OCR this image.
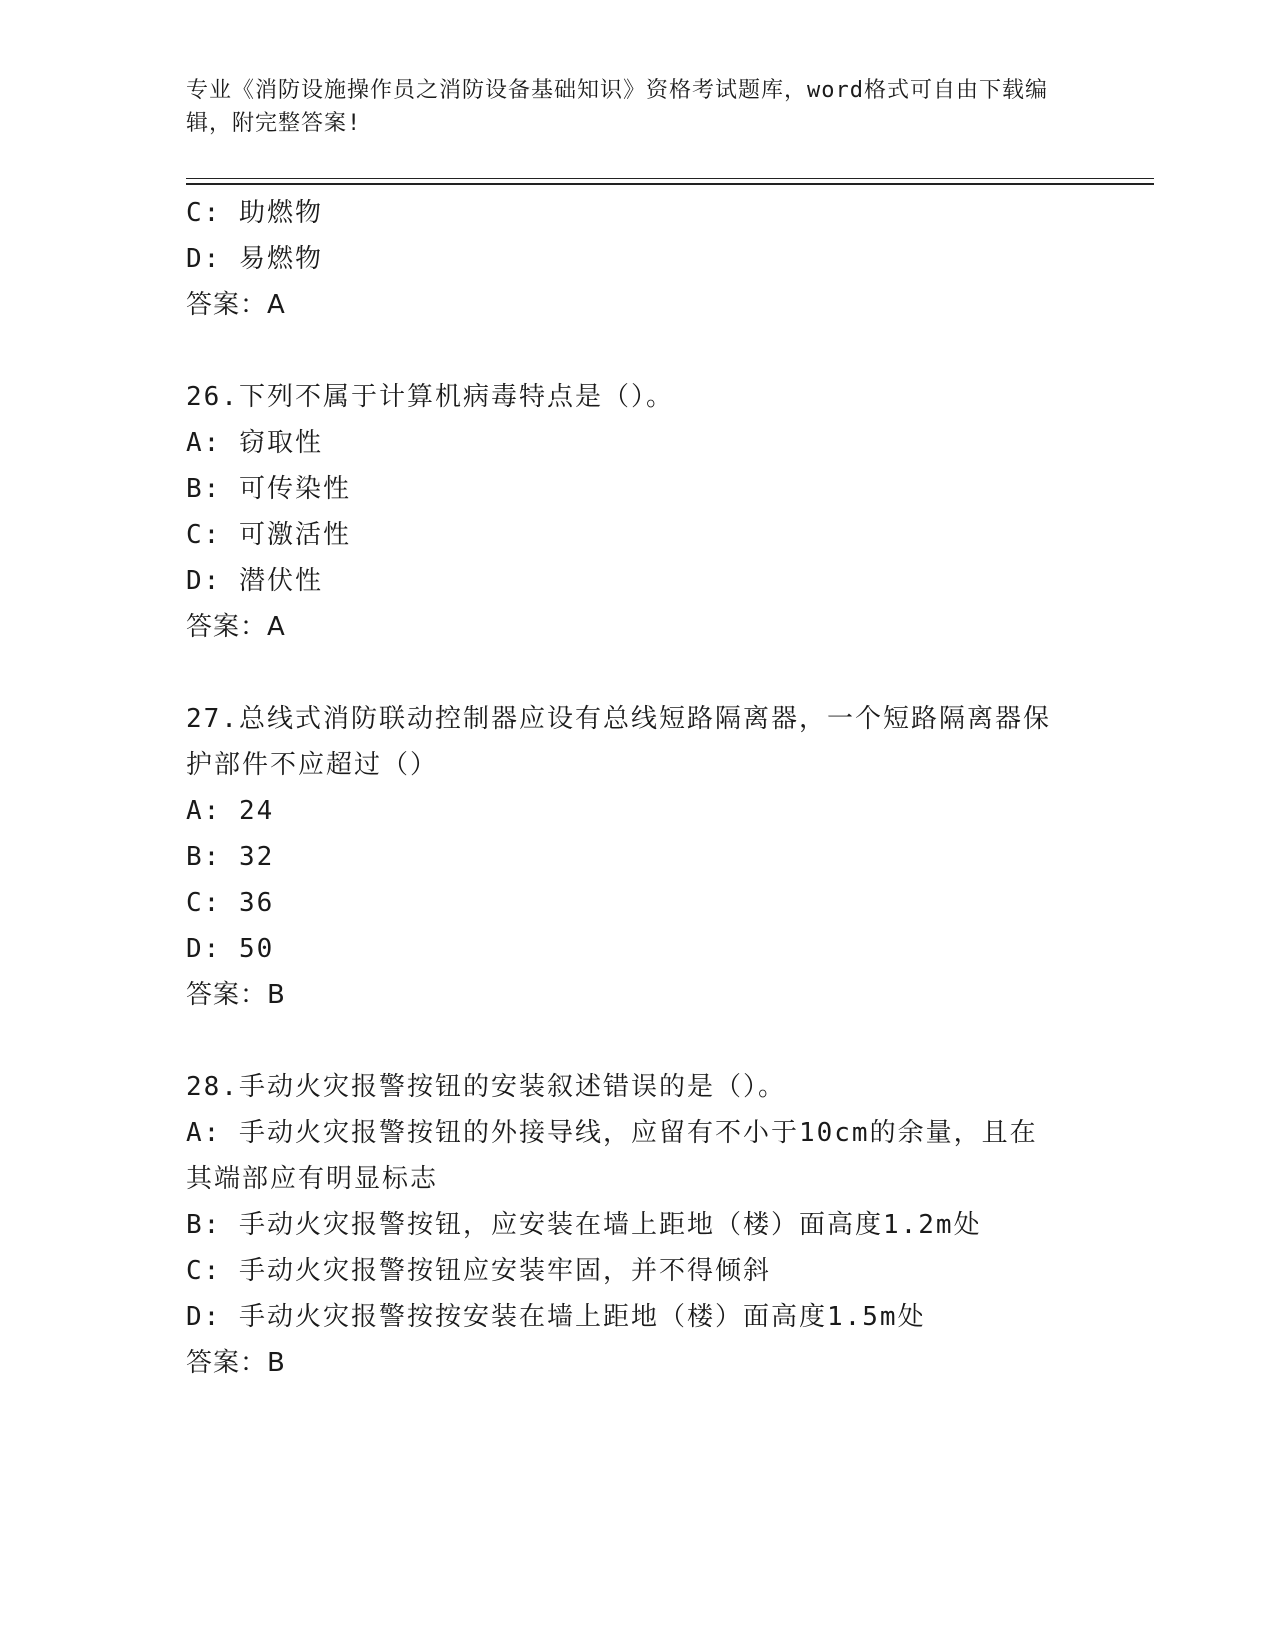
专业《消防设施操作员之消防设备基础知识》资格考试题库，word格式可自由下载编辑，附完整答案!
C: 助燃物
D: 易燃物
答案：A
26.下列不属于计算机病毒特点是（）。
A: 窃取性
B: 可传染性
C: 可激活性
D: 潜伏性
答案：A
27.总线式消防联动控制器应设有总线短路隔离器，一个短路隔离器保
护部件不应超过（）
A: 24
B: 32
C: 36
D: 50
答案：B
28.手动火灾报警按钮的安装叙述错误的是（）。
A: 手动火灾报警按钮的外接导线，应留有不小于10cm的余量，且在
其端部应有明显标志
B: 手动火灾报警按钮，应安装在墙上距地（楼）面高度1.2m处
C: 手动火灾报警按钮应安装牢固，并不得倾斜
D: 手动火灾报警按按安装在墙上距地（楼）面高度1.5m处
答案：B
